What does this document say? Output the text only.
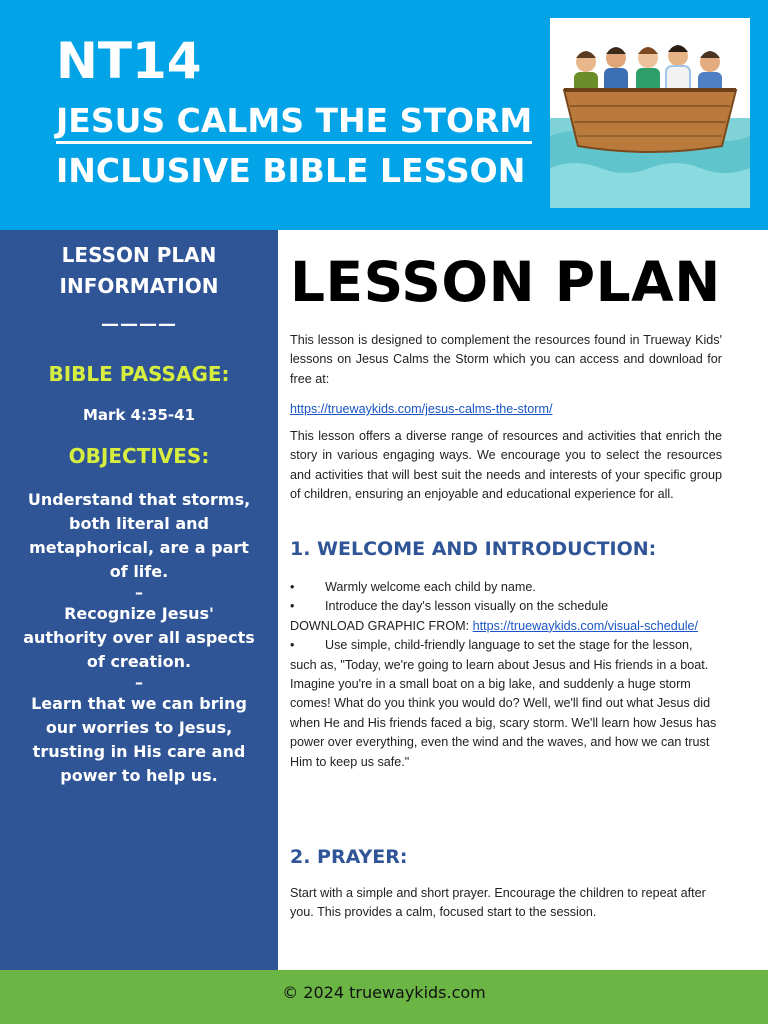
NT14
JESUS CALMS THE STORM
INCLUSIVE BIBLE LESSON
LESSON PLAN
INFORMATION
————
BIBLE PASSAGE:
Mark 4:35-41
OBJECTIVES:
Understand that storms, both literal and metaphorical, are a part of life.
–
Recognize Jesus' authority over all aspects of creation.
–
Learn that we can bring our worries to Jesus, trusting in His care and power to help us.
LESSON PLAN
This lesson is designed to complement the resources found in Trueway Kids' lessons on Jesus Calms the Storm which you can access and download for free at:
https://truewaykids.com/jesus-calms-the-storm/
This lesson offers a diverse range of resources and activities that enrich the story in various engaging ways. We encourage you to select the resources and activities that will best suit the needs and interests of your specific group of children, ensuring an enjoyable and educational experience for all.
1. WELCOME AND INTRODUCTION:
•	Warmly welcome each child by name.
•	Introduce the day's lesson visually on the schedule
DOWNLOAD GRAPHIC FROM: https://truewaykids.com/visual-schedule/
• Use simple, child-friendly language to set the stage for the lesson, such as, "Today, we're going to learn about Jesus and His friends in a boat. Imagine you're in a small boat on a big lake, and suddenly a huge storm comes! What do you think you would do? Well, we'll find out what Jesus did when He and His friends faced a big, scary storm. We'll learn how Jesus has power over everything, even the wind and the waves, and how we can trust Him to keep us safe."
2. PRAYER:
Start with a simple and short prayer. Encourage the children to repeat after you. This provides a calm, focused start to the session.
© 2024 truewaykids.com
